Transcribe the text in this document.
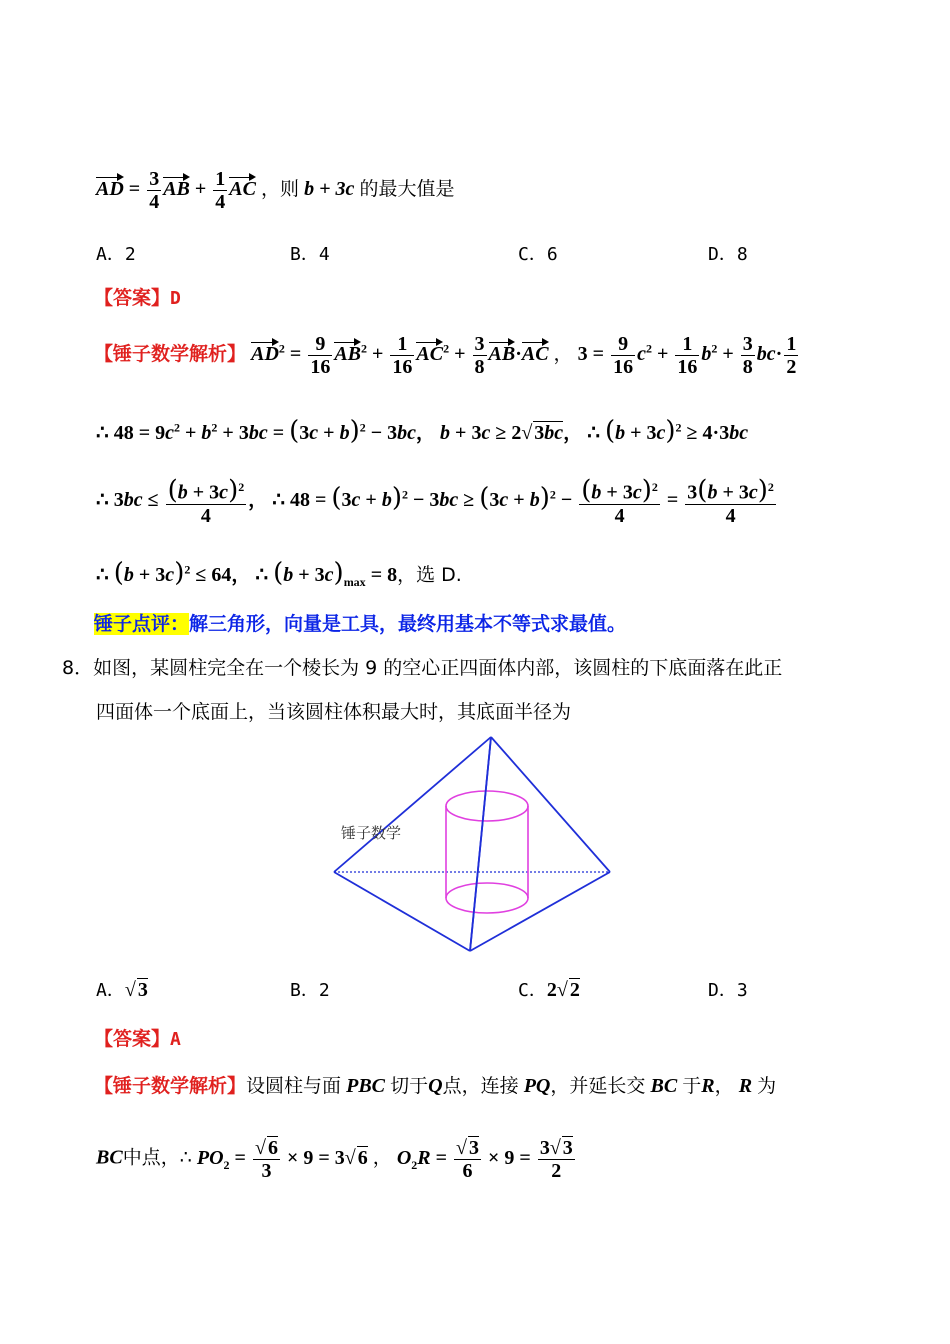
AD = $\frac{3}{4}$ AB + $\frac{1}{4}$ AC ，则 b + 3c 的最大值是
A．2	B．4	C．6	D．8
【答案】D
【锤子数学解析】 $AD^2 = \frac{9}{16} AB^2 + \frac{1}{16} AC^2 + \frac{3}{8} AB\cdot AC$ ， $3 = \frac{9}{16} c^2 + \frac{1}{16} b^2 + \frac{3}{8} bc\cdot \frac{1}{2}$
∴ $48 = 9c^2 + b^2 + 3bc = (3c + b)^2 - 3bc$， b + 3c ≥ 2√ 3bc， ∴ $(b + 3c)^2 \ge 4\cdot 3bc$
∴ $3bc \le \frac{(b + 3c)^2}{4}$ ， ∴ $48 = (3c + b)^2 - 3bc \ge (3c + b)^2 - \frac{(b + 3c)^2}{4} = \frac{3(b + 3c)^2}{4}$
∴ $(b + 3c)^2 \le 64$， ∴ $(b + 3c)_{max} = 8$，选 D.
锤子点评：解三角形，向量是工具，最终用基本不等式求最值。
8．如图，某圆柱完全在一个棱长为 9 的空心正四面体内部，该圆柱的下底面落在此正
四面体一个底面上，当该圆柱体积最大时，其底面半径为
锤子数学
A．√ 3	B．2	C．2√ 2	D．3
【答案】A
【锤子数学解析】设圆柱与面 PBC 切于Q点，连接 PQ，并延长交 BC 于R， R 为
BC中点，∴ $PO_2 = \frac{√ 6}{3} \times 9 = 3√$ 6 ， $O_2R = \frac{√ 3}{6} \times 9 = \frac{3√ 3}{2}$
